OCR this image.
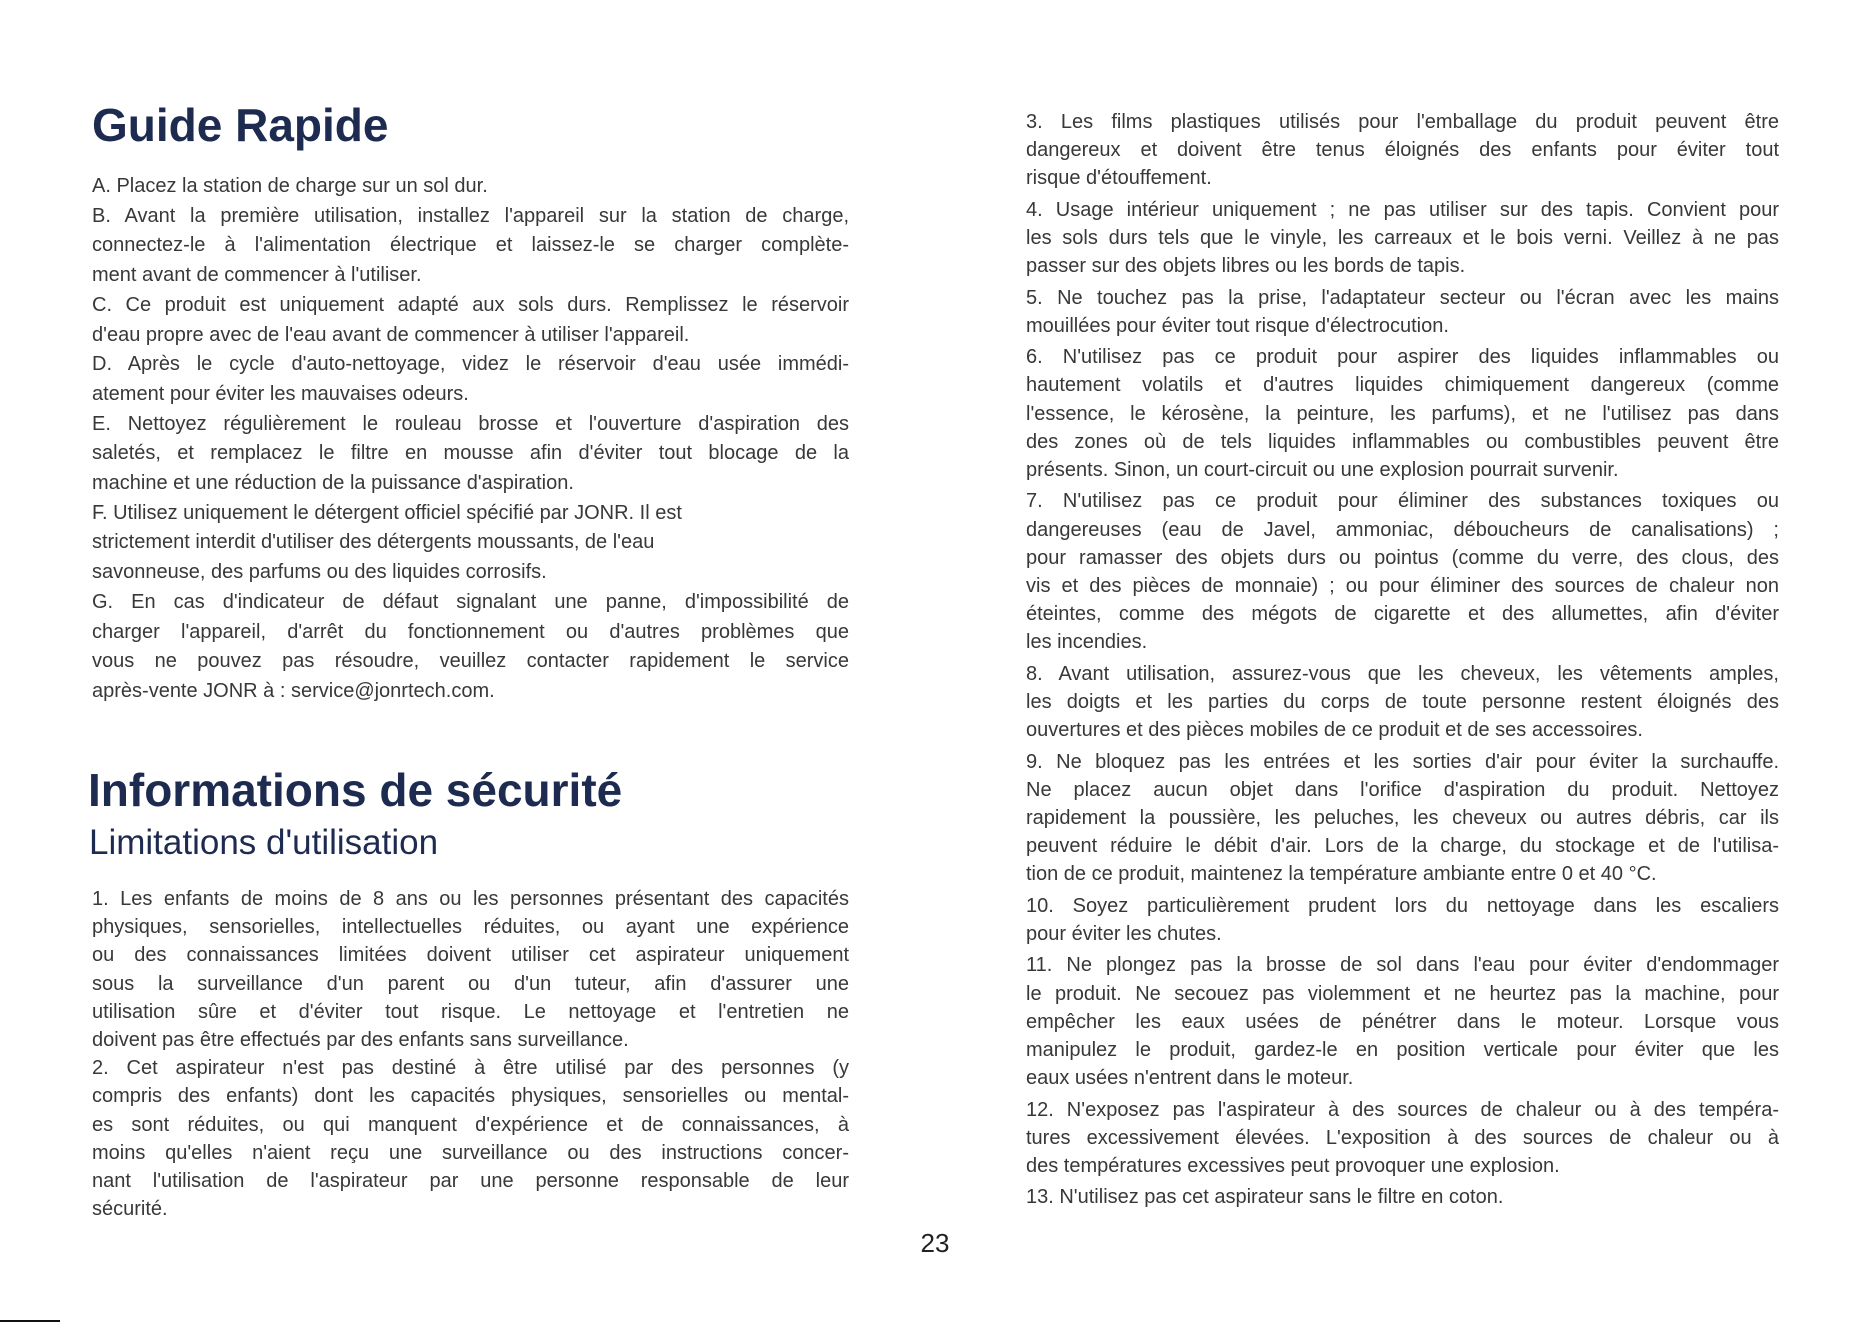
Guide Rapide
A. Placez la station de charge sur un sol dur.
B. Avant la première utilisation, installez l'appareil sur la station de charge,
connectez-le à l'alimentation électrique et laissez-le se charger complète-
ment avant de commencer à l'utiliser.
C. Ce produit est uniquement adapté aux sols durs. Remplissez le réservoir
d'eau propre avec de l'eau avant de commencer à utiliser l'appareil.
D. Après le cycle d'auto-nettoyage, videz le réservoir d'eau usée immédi-
atement pour éviter les mauvaises odeurs.
E. Nettoyez régulièrement le rouleau brosse et l'ouverture d'aspiration des
saletés, et remplacez le filtre en mousse afin d'éviter tout blocage de la
machine et une réduction de la puissance d'aspiration.
F. Utilisez uniquement le détergent officiel spécifié par JONR. Il est
strictement interdit d'utiliser des détergents moussants, de l'eau
savonneuse, des parfums ou des liquides corrosifs.
G. En cas d'indicateur de défaut signalant une panne, d'impossibilité de
charger l'appareil, d'arrêt du fonctionnement ou d'autres problèmes que
vous ne pouvez pas résoudre, veuillez contacter rapidement le service
après-vente JONR à : service@jonrtech.com.
Informations de sécurité
Limitations d'utilisation
1. Les enfants de moins de 8 ans ou les personnes présentant des capacités
physiques, sensorielles, intellectuelles réduites, ou ayant une expérience
ou des connaissances limitées doivent utiliser cet aspirateur uniquement
sous la surveillance d'un parent ou d'un tuteur, afin d'assurer une
utilisation sûre et d'éviter tout risque. Le nettoyage et l'entretien ne
doivent pas être effectués par des enfants sans surveillance.
2. Cet aspirateur n'est pas destiné à être utilisé par des personnes (y
compris des enfants) dont les capacités physiques, sensorielles ou mental-
es sont réduites, ou qui manquent d'expérience et de connaissances, à
moins qu'elles n'aient reçu une surveillance ou des instructions concer-
nant l'utilisation de l'aspirateur par une personne responsable de leur
sécurité.
3. Les films plastiques utilisés pour l'emballage du produit peuvent être
dangereux et doivent être tenus éloignés des enfants pour éviter tout
risque d'étouffement.
4. Usage intérieur uniquement ; ne pas utiliser sur des tapis. Convient pour
les sols durs tels que le vinyle, les carreaux et le bois verni. Veillez à ne pas
passer sur des objets libres ou les bords de tapis.
5. Ne touchez pas la prise, l'adaptateur secteur ou l'écran avec les mains
mouillées pour éviter tout risque d'électrocution.
6. N'utilisez pas ce produit pour aspirer des liquides inflammables ou
hautement volatils et d'autres liquides chimiquement dangereux (comme
l'essence, le kérosène, la peinture, les parfums), et ne l'utilisez pas dans
des zones où de tels liquides inflammables ou combustibles peuvent être
présents. Sinon, un court-circuit ou une explosion pourrait survenir.
7. N'utilisez pas ce produit pour éliminer des substances toxiques ou
dangereuses (eau de Javel, ammoniac, déboucheurs de canalisations) ;
pour ramasser des objets durs ou pointus (comme du verre, des clous, des
vis et des pièces de monnaie) ; ou pour éliminer des sources de chaleur non
éteintes, comme des mégots de cigarette et des allumettes, afin d'éviter
les incendies.
8. Avant utilisation, assurez-vous que les cheveux, les vêtements amples,
les doigts et les parties du corps de toute personne restent éloignés des
ouvertures et des pièces mobiles de ce produit et de ses accessoires.
9. Ne bloquez pas les entrées et les sorties d'air pour éviter la surchauffe.
Ne placez aucun objet dans l'orifice d'aspiration du produit. Nettoyez
rapidement la poussière, les peluches, les cheveux ou autres débris, car ils
peuvent réduire le débit d'air. Lors de la charge, du stockage et de l'utilisa-
tion de ce produit, maintenez la température ambiante entre 0 et 40 °C.
10. Soyez particulièrement prudent lors du nettoyage dans les escaliers
pour éviter les chutes.
11. Ne plongez pas la brosse de sol dans l'eau pour éviter d'endommager
le produit. Ne secouez pas violemment et ne heurtez pas la machine, pour
empêcher les eaux usées de pénétrer dans le moteur. Lorsque vous
manipulez le produit, gardez-le en position verticale pour éviter que les
eaux usées n'entrent dans le moteur.
12. N'exposez pas l'aspirateur à des sources de chaleur ou à des tempéra-
tures excessivement élevées. L'exposition à des sources de chaleur ou à
des températures excessives peut provoquer une explosion.
13. N'utilisez pas cet aspirateur sans le filtre en coton.
23
